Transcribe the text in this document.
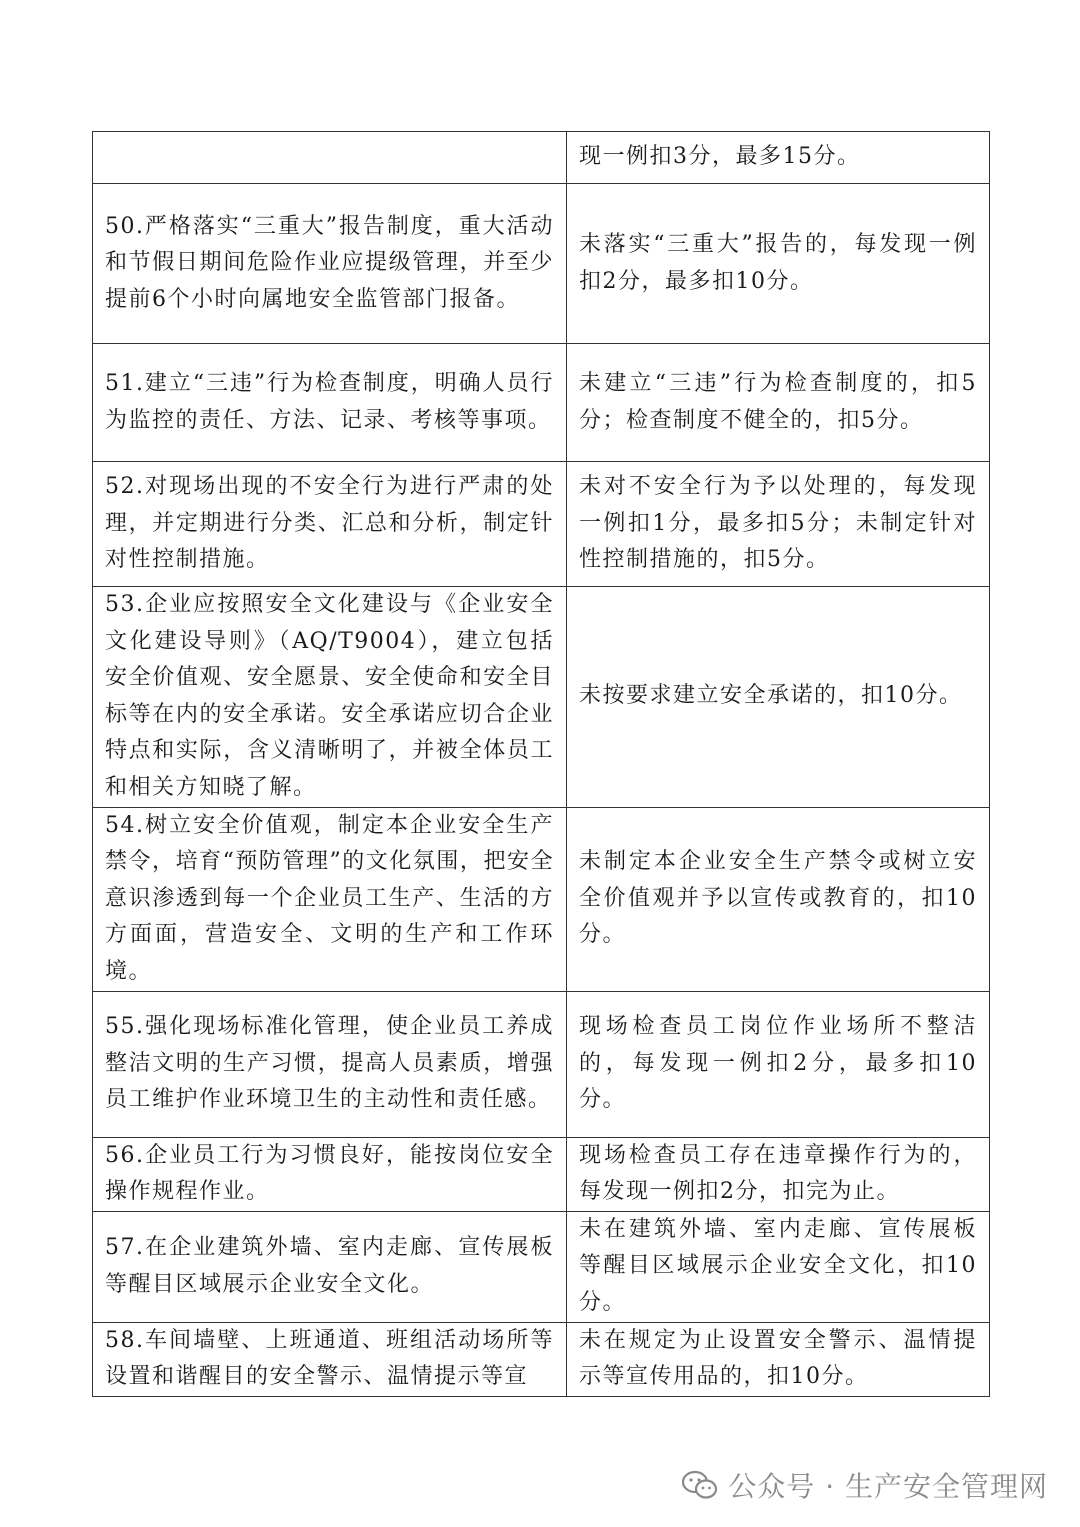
	现一例扣3分，最多15分。
50.严格落实“三重大”报告制度，重大活动和节假日期间危险作业应提级管理，并至少提前6个小时向属地安全监管部门报备。	未落实“三重大”报告的，每发现一例扣2分，最多扣10分。
51.建立“三违”行为检查制度，明确人员行为监控的责任、方法、记录、考核等事项。	未建立“三违”行为检查制度的，扣5分；检查制度不健全的，扣5分。
52.对现场出现的不安全行为进行严肃的处理，并定期进行分类、汇总和分析，制定针对性控制措施。	未对不安全行为予以处理的，每发现一例扣1分，最多扣5分；未制定针对性控制措施的，扣5分。
53.企业应按照安全文化建设与《企业安全文化建设导则》（AQ/T9004），建立包括安全价值观、安全愿景、安全使命和安全目标等在内的安全承诺。安全承诺应切合企业特点和实际，含义清晰明了，并被全体员工和相关方知晓了解。	未按要求建立安全承诺的，扣10分。
54.树立安全价值观，制定本企业安全生产禁令，培育“预防管理”的文化氛围，把安全意识渗透到每一个企业员工生产、生活的方方面面，营造安全、文明的生产和工作环境。	未制定本企业安全生产禁令或树立安全价值观并予以宣传或教育的，扣10分。
55.强化现场标准化管理，使企业员工养成整洁文明的生产习惯，提高人员素质，增强员工维护作业环境卫生的主动性和责任感。	现场检查员工岗位作业场所不整洁的，每发现一例扣2分，最多扣10分。
56.企业员工行为习惯良好，能按岗位安全操作规程作业。	现场检查员工存在违章操作行为的，每发现一例扣2分，扣完为止。
57.在企业建筑外墙、室内走廊、宣传展板等醒目区域展示企业安全文化。	未在建筑外墙、室内走廊、宣传展板等醒目区域展示企业安全文化，扣10分。
58.车间墙壁、上班通道、班组活动场所等设置和谐醒目的安全警示、温情提示等宣	未在规定为止设置安全警示、温情提示等宣传用品的，扣10分。
公众号 · 生产安全管理网
